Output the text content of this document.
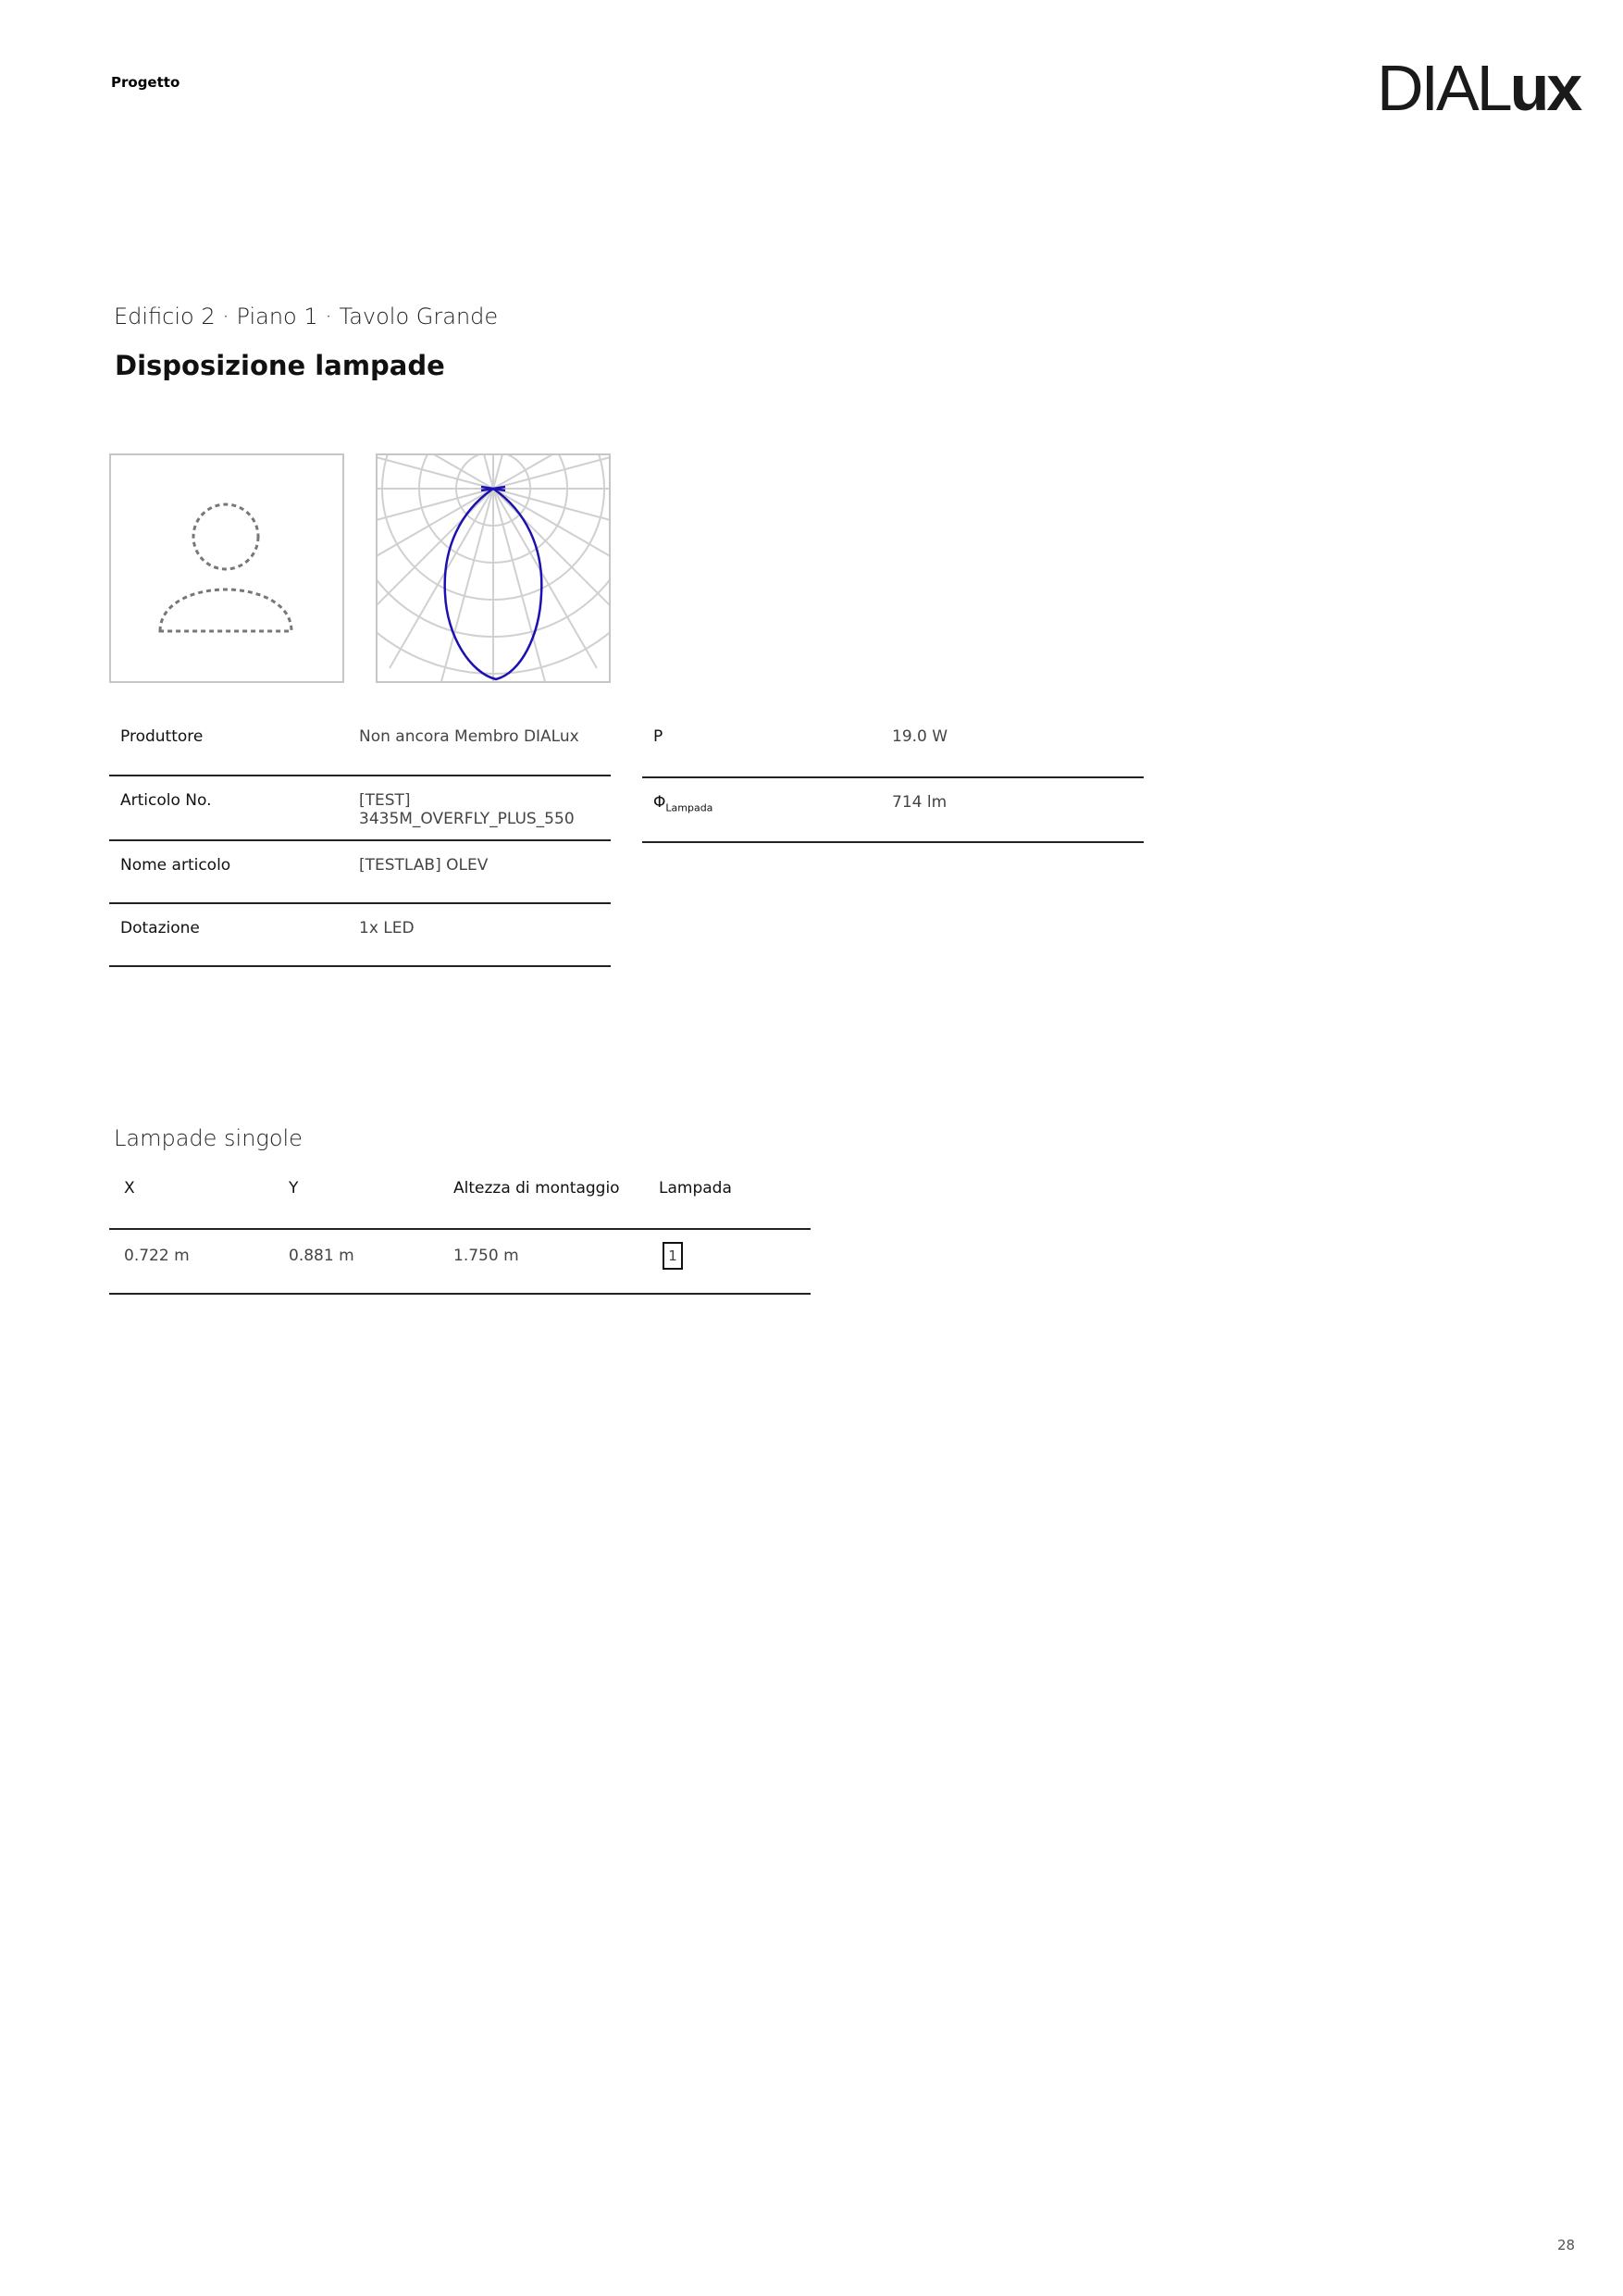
Progetto	DIALux
Edificio 2 · Piano 1 · Tavolo Grande
Disposizione lampade
Produttore	Non ancora Membro DIALux
Articolo No.	[TEST]
3435M_OVERFLY_PLUS_550

Nome articolo	[TESTLAB] OLEV
Dotazione	1x LED
P	19.0 W
$\Phi_{Lampada}$	714 lm
Lampade singole
X	Y	Altezza di montaggio	Lampada
0.722 m	0.881 m	1.750 m	1
28
